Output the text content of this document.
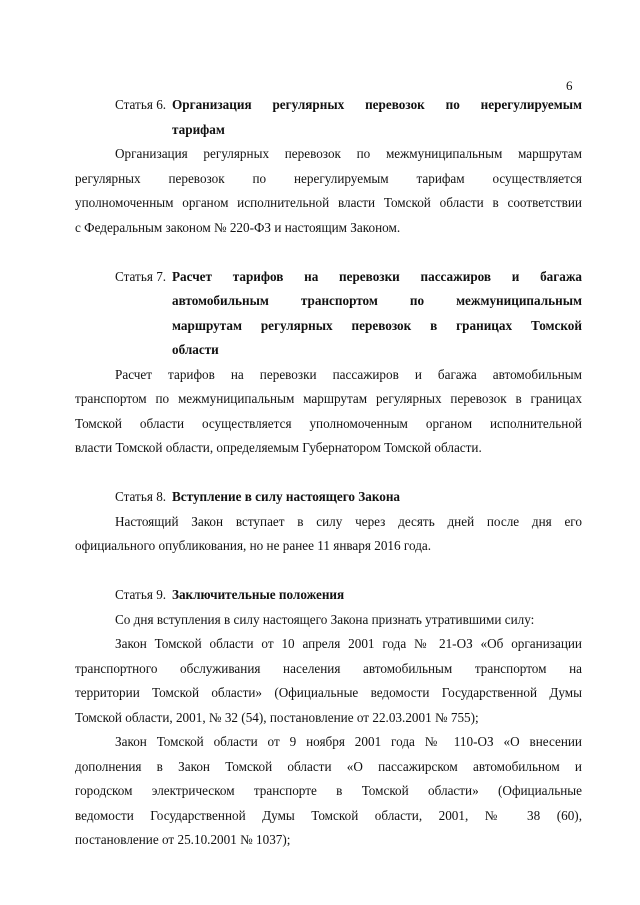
6
Статья 6. Организация регулярных перевозок по нерегулируемым
тарифам
Организация регулярных перевозок по межмуниципальным маршрутам
регулярных перевозок по нерегулируемым тарифам осуществляется
уполномоченным органом исполнительной власти Томской области в соответствии
с Федеральным законом № 220-ФЗ и настоящим Законом.
Статья 7. Расчет тарифов на перевозки пассажиров и багажа
автомобильным транспортом по межмуниципальным
маршрутам регулярных перевозок в границах Томской
области
Расчет тарифов на перевозки пассажиров и багажа автомобильным
транспортом по межмуниципальным маршрутам регулярных перевозок в границах
Томской области осуществляется уполномоченным органом исполнительной
власти Томской области, определяемым Губернатором Томской области.
Статья 8. Вступление в силу настоящего Закона
Настоящий Закон вступает в силу через десять дней после дня его
официального опубликования, но не ранее 11 января 2016 года.
Статья 9. Заключительные положения
Со дня вступления в силу настоящего Закона признать утратившими силу:
Закон Томской области от 10 апреля 2001 года № 21-ОЗ «Об организации
транспортного обслуживания населения автомобильным транспортом на
территории Томской области» (Официальные ведомости Государственной Думы
Томской области, 2001, № 32 (54), постановление от 22.03.2001 № 755);
Закон Томской области от 9 ноября 2001 года № 110-ОЗ «О внесении
дополнения в Закон Томской области «О пассажирском автомобильном и
городском электрическом транспорте в Томской области» (Официальные
ведомости Государственной Думы Томской области, 2001, № 38 (60),
постановление от 25.10.2001 № 1037);
